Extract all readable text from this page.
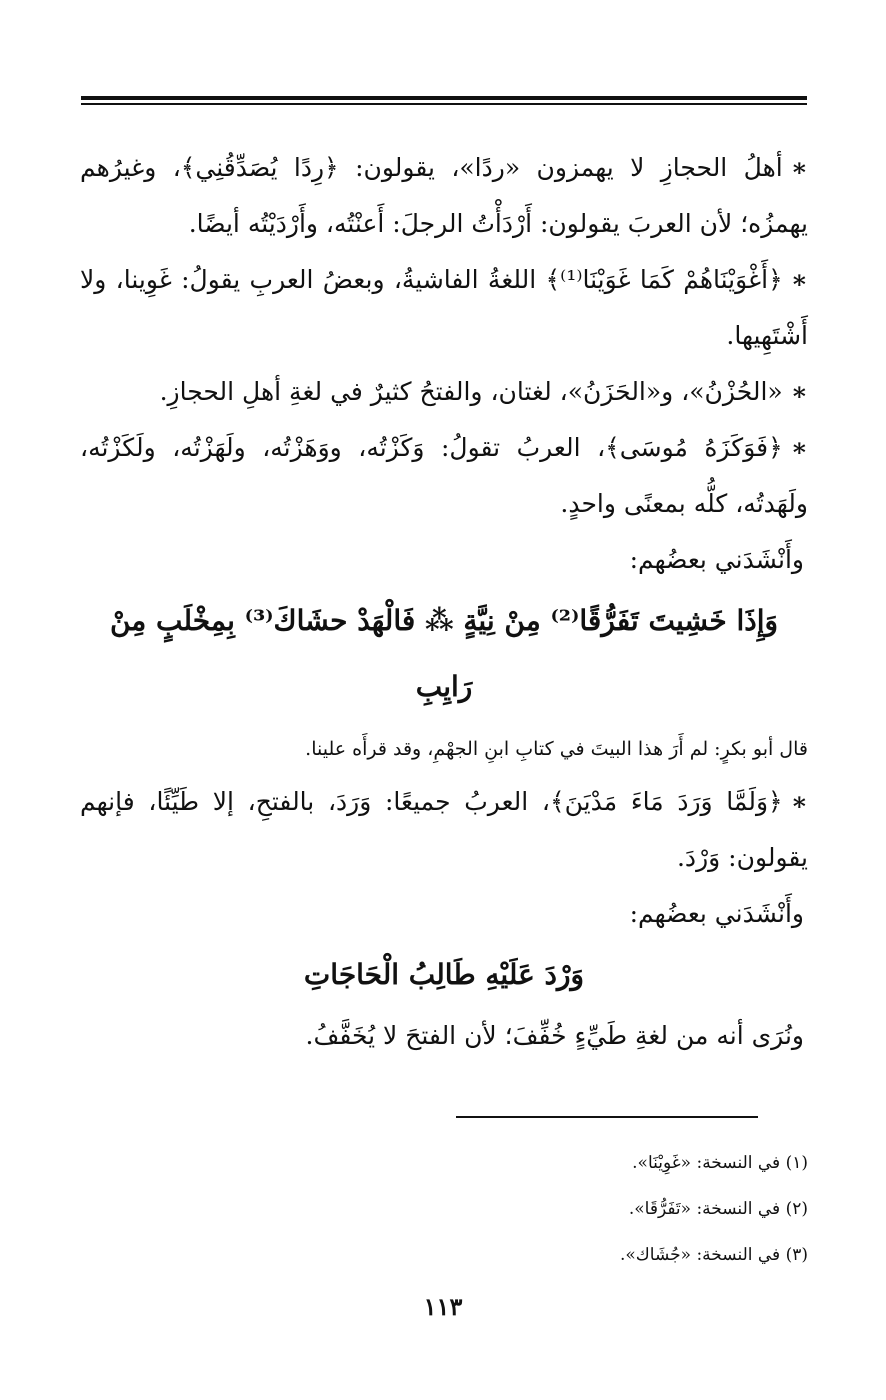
∗أهلُ الحجازِ لا يهمزون «ردًا»، يقولون: ﴿رِدًا يُصَدِّقُنِي﴾، وغيرُهم يهمزُه؛ لأن العربَ يقولون: أَرْدَأْتُ الرجلَ: أَعنْتُه، وأَرْدَيْتُه أيضًا.

∗﴿أَغْوَيْنَاهُمْ كَمَا غَوَيْنَا⁽¹⁾﴾ اللغةُ الفاشيةُ، وبعضُ العربِ يقولُ: غَوِينا، ولا أَشْتَهِيها.

∗«الحُزْنُ»، و«الحَزَنُ»، لغتان، والفتحُ كثيرٌ في لغةِ أهلِ الحجازِ.

∗﴿فَوَكَزَهُ مُوسَى﴾، العربُ تقولُ: وَكَزْتُه، ووَهَزْتُه، ولَهَزْتُه، ولَكَزْتُه، ولَهَدتُه، كلُّه بمعنًى واحدٍ.

وأَنْشَدَني بعضُهم:

وَإِذَا خَشِيتَ تَفَرُّقًا⁽²⁾ مِنْ نِيَّةٍ ⁂ فَالْهَدْ حشَاكَ⁽³⁾ بِمِخْلَبٍ مِنْ رَايِبِ

قال أبو بكرٍ: لم أَرَ هذا البيتَ في كتابِ ابنِ الجهْمِ، وقد قرأَه علينا.

∗﴿وَلَمَّا وَرَدَ مَاءَ مَدْيَنَ﴾، العربُ جميعًا: وَرَدَ، بالفتحِ، إلا طَيِّئًا، فإنهم يقولون: وَرْدَ.

وأَنْشَدَني بعضُهم:

وَرْدَ عَلَيْهِ طَالِبُ الْحَاجَاتِ

ونُرَى أنه من لغةِ طَيِّءٍ خُفِّفَ؛ لأن الفتحَ لا يُخَفَّفُ.

(١) في النسخة: «غَوِيْنَا».

(٢) في النسخة: «تَفَرُّقَا».

(٣) في النسخة: «جُشَاك».

١١٣
